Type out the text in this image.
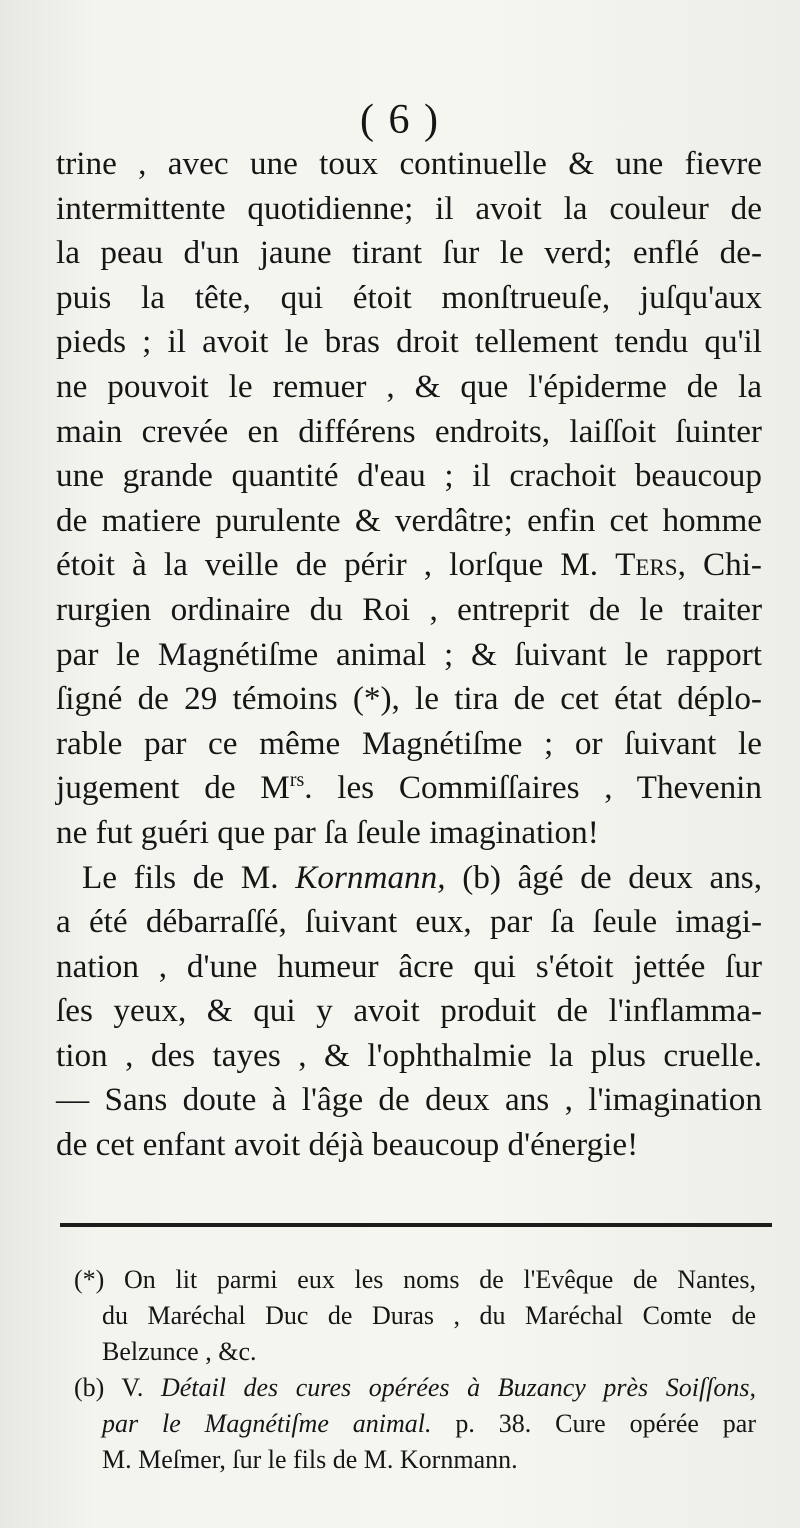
( 6 )
trine , avec une toux continuelle & une fievre
intermittente quotidienne; il avoit la couleur de
la peau d'un jaune tirant ſur le verd; enflé de-
puis la tête, qui étoit monſtrueuſe, juſqu'aux
pieds ; il avoit le bras droit tellement tendu qu'il
ne pouvoit le remuer , & que l'épiderme de la
main crevée en différens endroits, laiſſoit ſuinter
une grande quantité d'eau ; il crachoit beaucoup
de matiere purulente & verdâtre; enfin cet homme
étoit à la veille de périr , lorſque M. Ters, Chi-
rurgien ordinaire du Roi , entreprit de le traiter
par le Magnétiſme animal ; & ſuivant le rapport
ſigné de 29 témoins (*), le tira de cet état déplo-
rable par ce même Magnétiſme ; or ſuivant le
jugement de $M^{rs}$. les Commiſſaires , Thevenin
ne fut guéri que par ſa ſeule imagination!
Le fils de M. Kornmann, (b) âgé de deux ans,
a été débarraſſé, ſuivant eux, par ſa ſeule imagi-
nation , d'une humeur âcre qui s'étoit jettée ſur
ſes yeux, & qui y avoit produit de l'inflamma-
tion , des tayes , & l'ophthalmie la plus cruelle.
— Sans doute à l'âge de deux ans , l'imagination
de cet enfant avoit déjà beaucoup d'énergie!
(*) On lit parmi eux les noms de l'Evêque de Nantes,
du Maréchal Duc de Duras , du Maréchal Comte de
Belzunce , &c.
(b) V. Détail des cures opérées à Buzancy près Soiſſons,
par le Magnétiſme animal. p. 38. Cure opérée par
M. Meſmer, ſur le fils de M. Kornmann.
